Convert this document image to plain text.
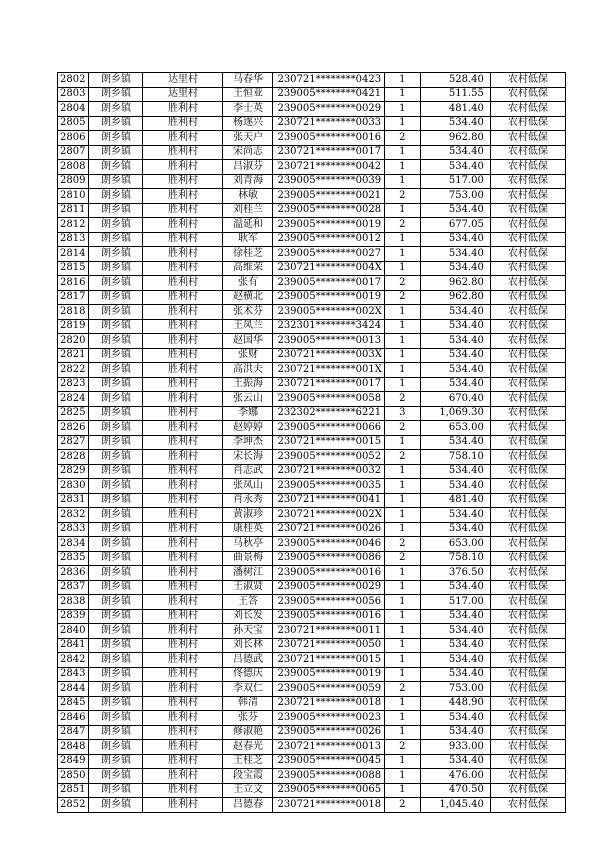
2802	朗乡镇	达里村	马春华	230721********0423	1	528.40	农村低保
2803	朗乡镇	达里村	王恒亚	239005********0421	1	511.55	农村低保
2804	朗乡镇	胜利村	李士英	239005********0029	1	481.40	农村低保
2805	朗乡镇	胜利村	杨遂兴	230721********0033	1	534.40	农村低保
2806	朗乡镇	胜利村	张天户	239005********0016	2	962.80	农村低保
2807	朗乡镇	胜利村	宋尚志	230721********0017	1	534.40	农村低保
2808	朗乡镇	胜利村	吕淑芬	230721********0042	1	534.40	农村低保
2809	朗乡镇	胜利村	刘青海	239005********0039	1	517.00	农村低保
2810	朗乡镇	胜利村	林敏	239005********0021	2	753.00	农村低保
2811	朗乡镇	胜利村	刘桂兰	239005********0028	1	534.40	农村低保
2812	朗乡镇	胜利村	温延和	239005********0019	2	677.05	农村低保
2813	朗乡镇	胜利村	耿军	239005********0012	1	534.40	农村低保
2814	朗乡镇	胜利村	徐桂芝	239005********0027	1	534.40	农村低保
2815	朗乡镇	胜利村	高维荣	230721********004X	1	534.40	农村低保
2816	朗乡镇	胜利村	张有	239005********0017	2	962.80	农村低保
2817	朗乡镇	胜利村	赵横北	239005********0019	2	962.80	农村低保
2818	朗乡镇	胜利村	张术芬	239005********002X	1	534.40	农村低保
2819	朗乡镇	胜利村	王凤兰	232301********3424	1	534.40	农村低保
2820	朗乡镇	胜利村	赵国华	239005********0013	1	534.40	农村低保
2821	朗乡镇	胜利村	张财	230721********003X	1	534.40	农村低保
2822	朗乡镇	胜利村	高洪夫	230721********001X	1	534.40	农村低保
2823	朗乡镇	胜利村	王振海	230721********0017	1	534.40	农村低保
2824	朗乡镇	胜利村	张云山	239005********0058	2	670.40	农村低保
2825	朗乡镇	胜利村	李娜	232302********6221	3	1,069.30	农村低保
2826	朗乡镇	胜利村	赵婷婷	239005********0066	2	653.00	农村低保
2827	朗乡镇	胜利村	李坤杰	230721********0015	1	534.40	农村低保
2828	朗乡镇	胜利村	宋长海	239005********0052	2	758.10	农村低保
2829	朗乡镇	胜利村	肖志武	230721********0032	1	534.40	农村低保
2830	朗乡镇	胜利村	张凤山	239005********0035	1	534.40	农村低保
2831	朗乡镇	胜利村	肖永秀	230721********0041	1	481.40	农村低保
2832	朗乡镇	胜利村	黄淑珍	230721********002X	1	534.40	农村低保
2833	朗乡镇	胜利村	康桂英	230721********0026	1	534.40	农村低保
2834	朗乡镇	胜利村	马秋亭	239005********0046	2	653.00	农村低保
2835	朗乡镇	胜利村	曲景梅	239005********0086	2	758.10	农村低保
2836	朗乡镇	胜利村	潘树江	239005********0016	1	376.50	农村低保
2837	朗乡镇	胜利村	王淑贤	239005********0029	1	534.40	农村低保
2838	朗乡镇	胜利村	王答	239005********0056	1	517.00	农村低保
2839	朗乡镇	胜利村	刘长发	239005********0016	1	534.40	农村低保
2840	朗乡镇	胜利村	孙天宝	230721********0011	1	534.40	农村低保
2841	朗乡镇	胜利村	刘长林	230721********0050	1	534.40	农村低保
2842	朗乡镇	胜利村	吕德武	230721********0015	1	534.40	农村低保
2843	朗乡镇	胜利村	佟德庆	239005********0019	1	534.40	农村低保
2844	朗乡镇	胜利村	李双仁	239005********0059	2	753.00	农村低保
2845	朗乡镇	胜利村	韩清	230721********0018	1	448.90	农村低保
2846	朗乡镇	胜利村	张芬	239005********0023	1	534.40	农村低保
2847	朗乡镇	胜利村	修淑艳	239005********0026	1	534.40	农村低保
2848	朗乡镇	胜利村	赵春光	230721********0013	2	933.00	农村低保
2849	朗乡镇	胜利村	王桂芝	239005********0045	1	534.40	农村低保
2850	朗乡镇	胜利村	段宝霞	239005********0088	1	476.00	农村低保
2851	朗乡镇	胜利村	王立文	239005********0065	1	470.50	农村低保
2852	朗乡镇	胜利村	吕德春	230721********0018	2	1,045.40	农村低保
